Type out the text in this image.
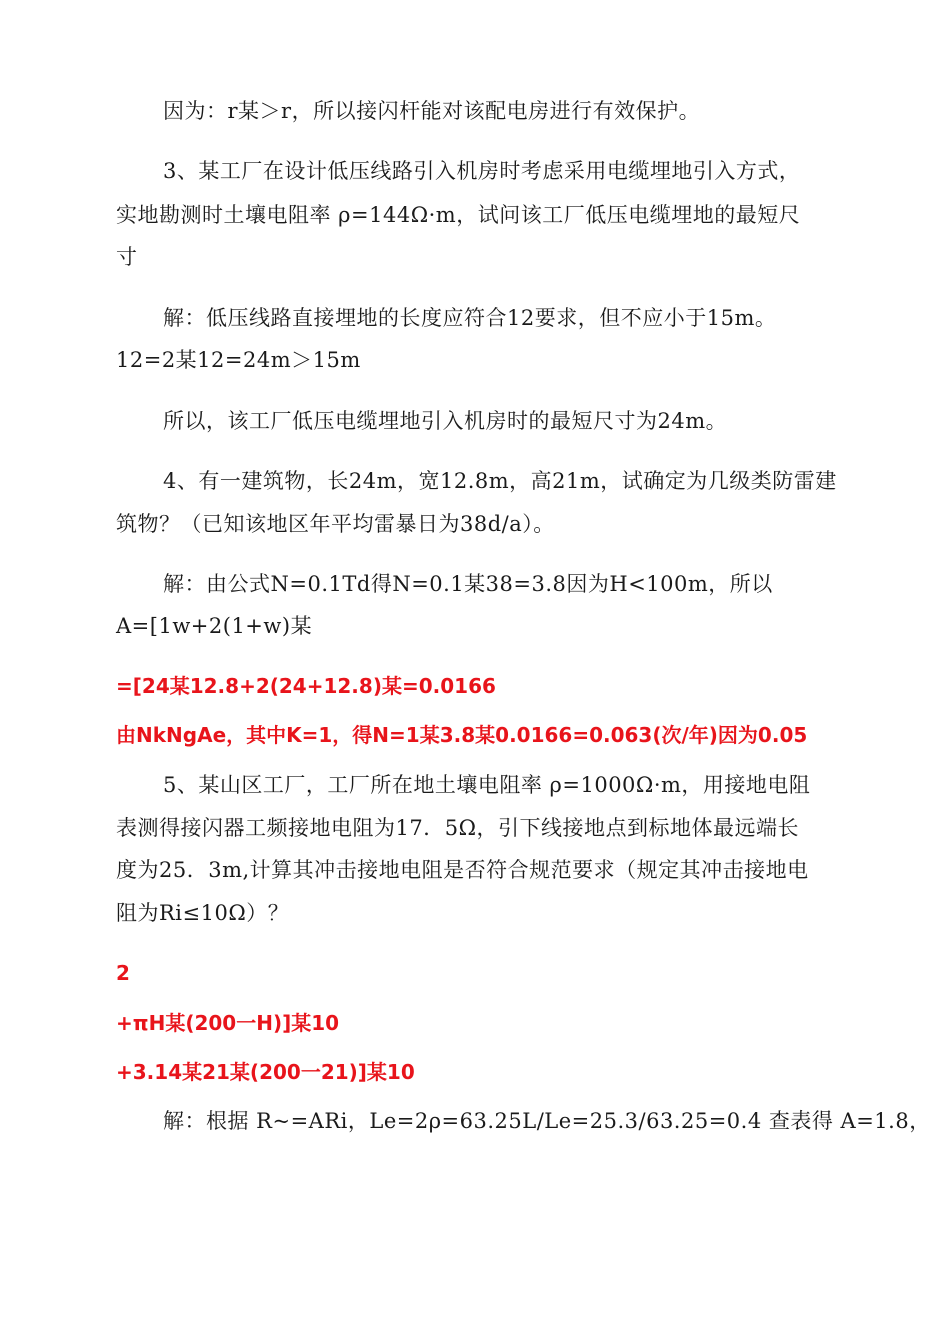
因为：r某＞r，所以接闪杆能对该配电房进行有效保护。

3、某工厂在设计低压线路引入机房时考虑采用电缆埋地引入方式，

实地勘测时土壤电阻率 ρ=144Ω·m，试问该工厂低压电缆埋地的最短尺

寸

解：低压线路直接埋地的长度应符合12要求，但不应小于15m。

12=2某12=24m＞15m

所以，该工厂低压电缆埋地引入机房时的最短尺寸为24m。

4、有一建筑物，长24m，宽12.8m，高21m，试确定为几级类防雷建

筑物？（已知该地区年平均雷暴日为38d/a）。

解：由公式N=0.1Td得N=0.1某38=3.8因为H<100m，所以

A=[1w+2(1+w)某

=[24某12.8+2(24+12.8)某=0.0166

由NkNgAe，其中K=1，得N=1某3.8某0.0166=0.063(次/年)因为0.05

5、某山区工厂，工厂所在地土壤电阻率 ρ=1000Ω·m，用接地电阻

表测得接闪器工频接地电阻为17．5Ω，引下线接地点到标地体最远端长

度为25．3m,计算其冲击接地电阻是否符合规范要求（规定其冲击接地电

阻为Ri≤10Ω）？

2

+πH某(200一H)]某10

+3.14某21某(200一21)]某10

解：根据 R~=ARi，Le=2ρ=63.25L/Le=25.3/63.25=0.4 查表得 A=1.8，
